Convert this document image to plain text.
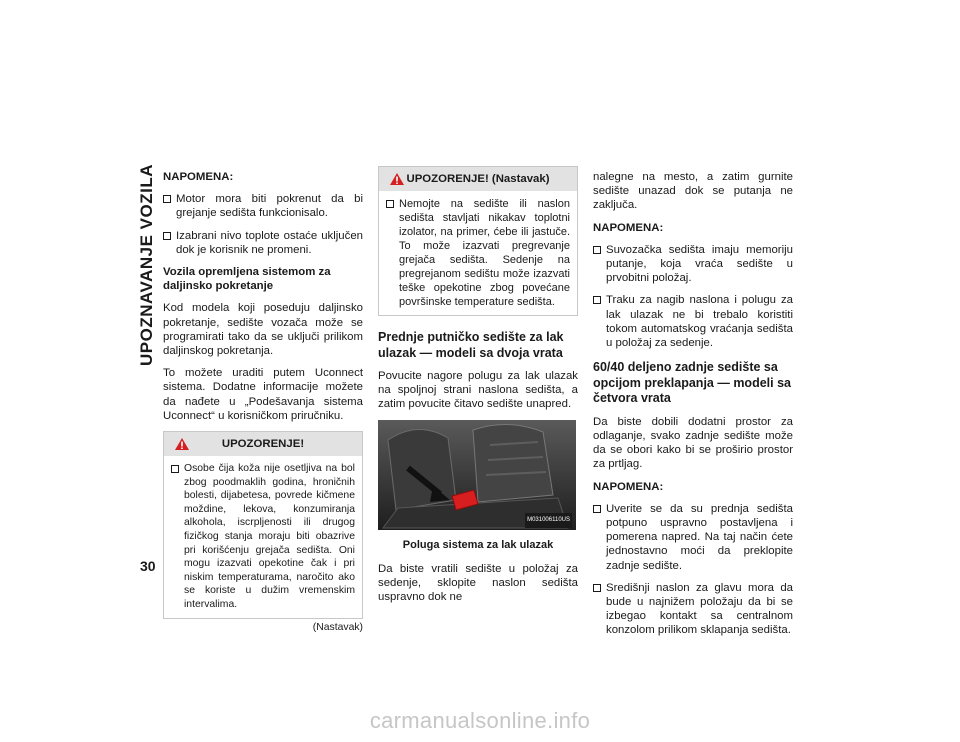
UPOZNAVANJE VOZILA
30

NAPOMENA:

Motor mora biti pokrenut da bi grejanje sedišta funkcionisalo.
Izabrani nivo toplote ostaće uključen dok je korisnik ne promeni.

Vozila opremljena sistemom za daljinsko pokretanje

Kod modela koji poseduju daljinsko pokretanje, sedište vozača može se programirati tako da se uključi prilikom daljinskog pokretanja.

To možete uraditi putem Uconnect sistema. Dodatne informacije možete da nađete u „Podešavanja sistema Uconnect“ u korisničkom priručniku.

UPOZORENJE!
Osobe čija koža nije osetljiva na bol zbog poodmaklih godina, hroničnih bolesti, dijabetesa, povrede kičmene moždine, lekova, konzumiranja alkohola, iscrpljenosti ili drugog fizičkog stanja moraju biti obazrive pri korišćenju grejača sedišta. Oni mogu izazvati opekotine čak i pri niskim temperaturama, naročito ako se koriste u dužim vremenskim intervalima.
(Nastavak)
UPOZORENJE! (Nastavak)
Nemojte na sedište ili naslon sedišta stavljati nikakav toplotni izolator, na primer, ćebe ili jastuče. To može izazvati pregrevanje grejača sedišta. Sedenje na pregrejanom sedištu može izazvati teške opekotine zbog povećane površinske temperature sedišta.
Prednje putničko sedište za lak ulazak — modeli sa dvoja vrata

Povucite nagore polugu za lak ulazak na spoljnoj strani naslona sedišta, a zatim povucite čitavo sedište unapred.

M031006110US
Poluga sistema za lak ulazak

Da biste vratili sedište u položaj za sedenje, sklopite naslon sedišta uspravno dok ne

nalegne na mesto, a zatim gurnite sedište unazad dok se putanja ne zaključa.

NAPOMENA:

Suvozačka sedišta imaju memoriju putanje, koja vraća sedište u prvobitni položaj.
Traku za nagib naslona i polugu za lak ulazak ne bi trebalo koristiti tokom automatskog vraćanja sedišta u položaj za sedenje.
60/40 deljeno zadnje sedište sa opcijom preklapanja — modeli sa četvora vrata

Da biste dobili dodatni prostor za odlaganje, svako zadnje sedište može da se obori kako bi se proširio prostor za prtljag.

NAPOMENA:

Uverite se da su prednja sedišta potpuno uspravno postavljena i pomerena napred. Na taj način ćete jednostavno moći da preklopite zadnje sedište.
Središnji naslon za glavu mora da bude u najnižem položaju da bi se izbegao kontakt sa centralnom konzolom prilikom sklapanja sedišta.
carmanualsonline.info
